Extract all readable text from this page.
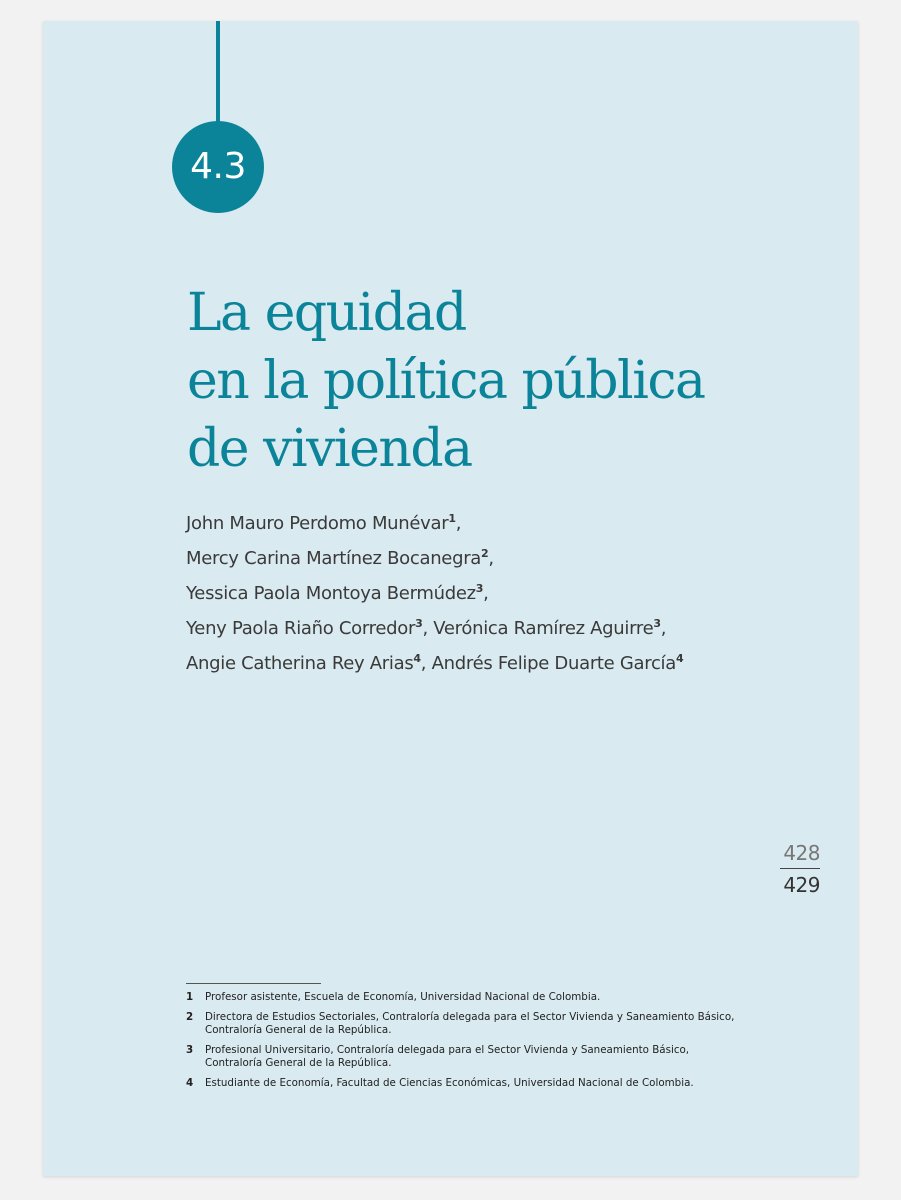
4.3
La equidad
en la política pública
de vivienda
John Mauro Perdomo Munévar$^1$,
Mercy Carina Martínez Bocanegra$^2$,
Yessica Paola Montoya Bermúdez$^3$,
Yeny Paola Riaño Corredor$^3$, Verónica Ramírez Aguirre$^3$,
Angie Catherina Rey Arias$^4$, Andrés Felipe Duarte García$^4$
428
429
1	Profesor asistente, Escuela de Economía, Universidad Nacional de Colombia.
2	Directora de Estudios Sectoriales, Contraloría delegada para el Sector Vivienda y Saneamiento Básico, Contraloría General de la República.
3	Profesional Universitario, Contraloría delegada para el Sector Vivienda y Saneamiento Básico, Contraloría General de la República.
4	Estudiante de Economía, Facultad de Ciencias Económicas, Universidad Nacional de Colombia.
